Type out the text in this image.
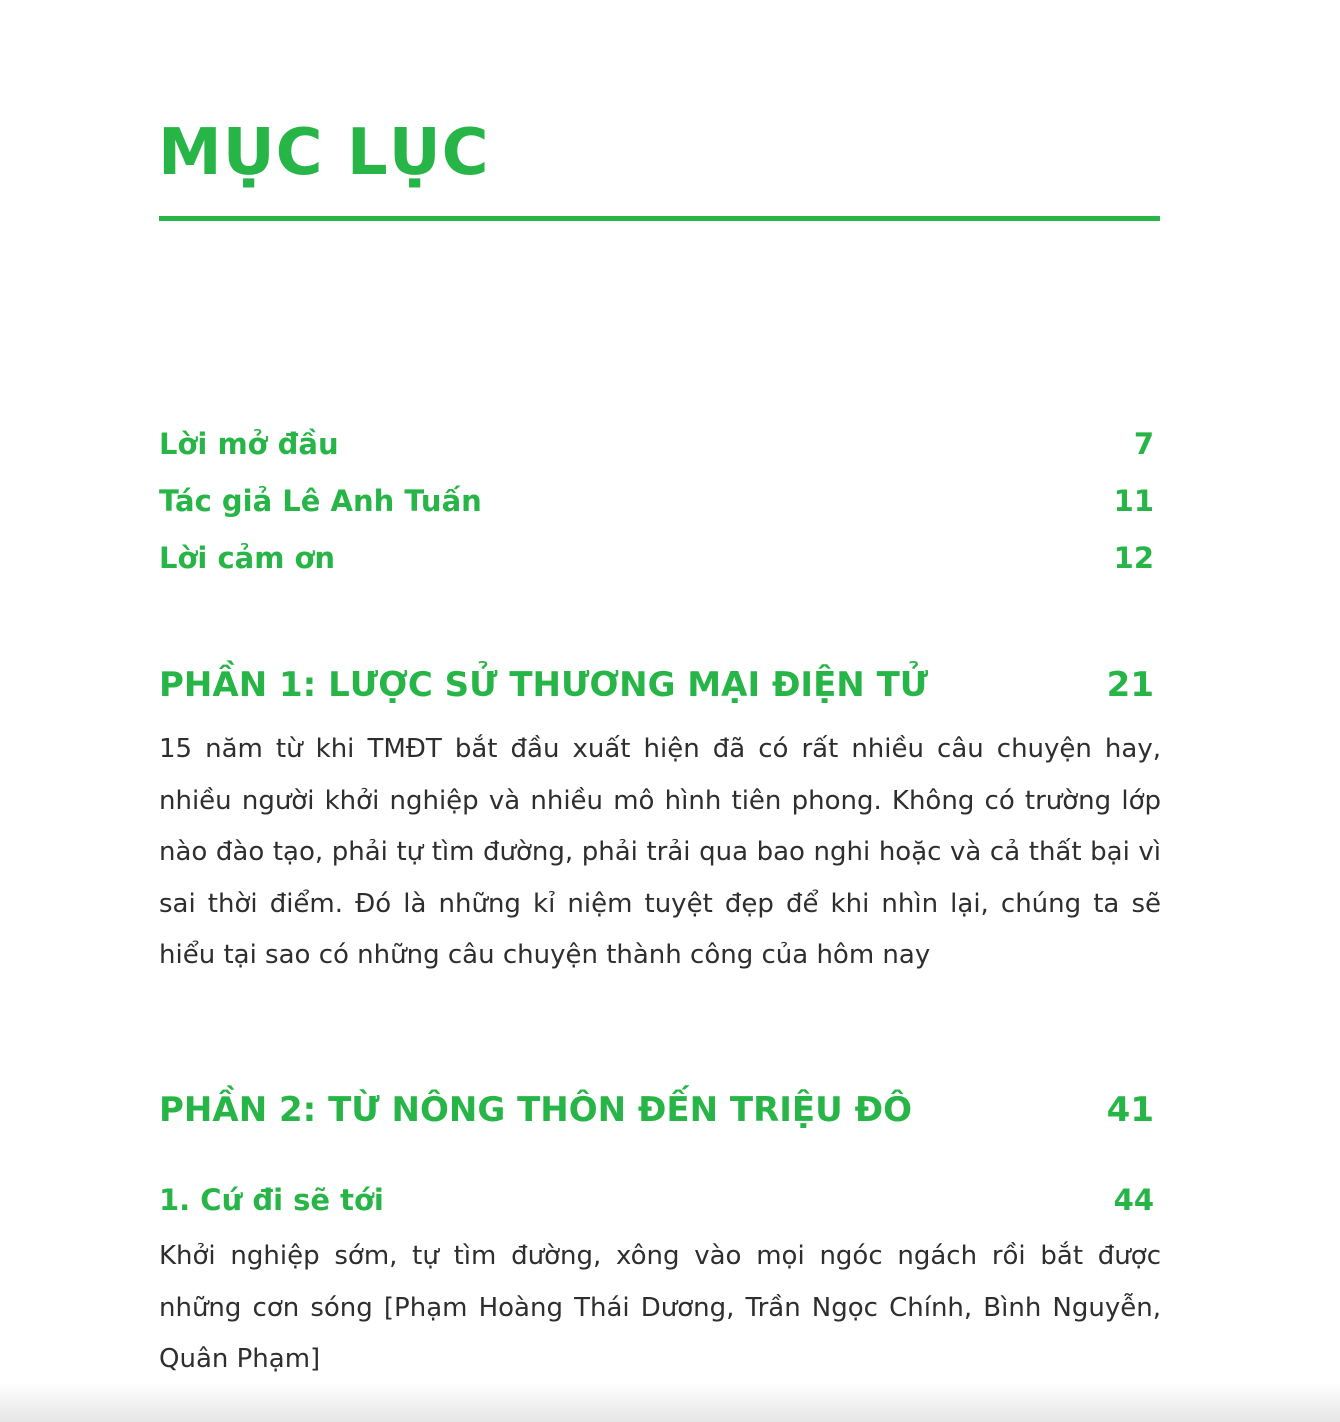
MỤC LỤC
Lời mở đầu	7
Tác giả Lê Anh Tuấn	11
Lời cảm ơn	12
PHẦN 1: LƯỢC SỬ THƯƠNG MẠI ĐIỆN TỬ	21

15 năm từ khi TMĐT bắt đầu xuất hiện đã có rất nhiều câu chuyện hay, nhiều người khởi nghiệp và nhiều mô hình tiên phong. Không có trường lớp nào đào tạo, phải tự tìm đường, phải trải qua bao nghi hoặc và cả thất bại vì sai thời điểm. Đó là những kỉ niệm tuyệt đẹp để khi nhìn lại, chúng ta sẽ hiểu tại sao có những câu chuyện thành công của hôm nay

PHẦN 2: TỪ NÔNG THÔN ĐẾN TRIỆU ĐÔ	41
1. Cứ đi sẽ tới	44

Khởi nghiệp sớm, tự tìm đường, xông vào mọi ngóc ngách rồi bắt được những cơn sóng [Phạm Hoàng Thái Dương, Trần Ngọc Chính, Bình Nguyễn, Quân Phạm]
